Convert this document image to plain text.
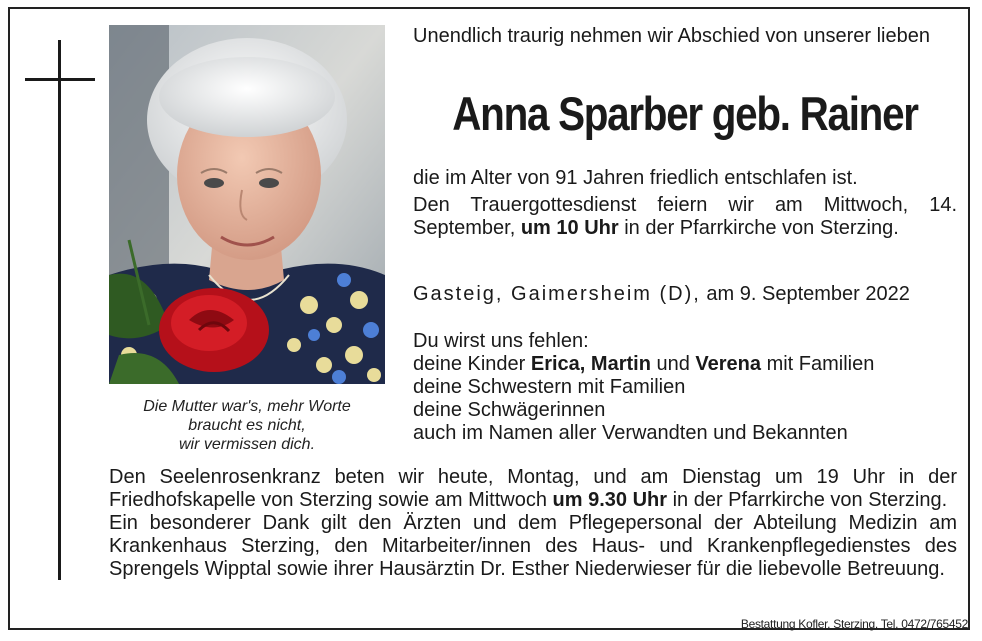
Die Mutter war's, mehr Worte
braucht es nicht,
wir vermissen dich.
Unendlich traurig nehmen wir Abschied von unserer lieben
Anna Sparber geb. Rainer
die im Alter von 91 Jahren friedlich entschlafen ist.
Den Trauergottesdienst feiern wir am Mittwoch, 14. September, um 10 Uhr in der Pfarrkirche von Sterzing.
Gasteig, Gaimersheim (D), am 9. September 2022
Du wirst uns fehlen:
deine Kinder Erica, Martin und Verena mit Familien
deine Schwestern mit Familien
deine Schwägerinnen
auch im Namen aller Verwandten und Bekannten

Den Seelenrosenkranz beten wir heute, Montag, und am Dienstag um 19 Uhr in der Friedhofskapelle von Sterzing sowie am Mittwoch um 9.30 Uhr in der Pfarrkirche von Sterzing.

Ein besonderer Dank gilt den Ärzten und dem Pflegepersonal der Abteilung Medizin am Krankenhaus Sterzing, den Mitarbeiter/innen des Haus- und Krankenpflegedienstes des Sprengels Wipptal sowie ihrer Hausärztin Dr. Esther Niederwieser für die liebevolle Betreuung.

Bestattung Kofler, Sterzing, Tel. 0472/765452
